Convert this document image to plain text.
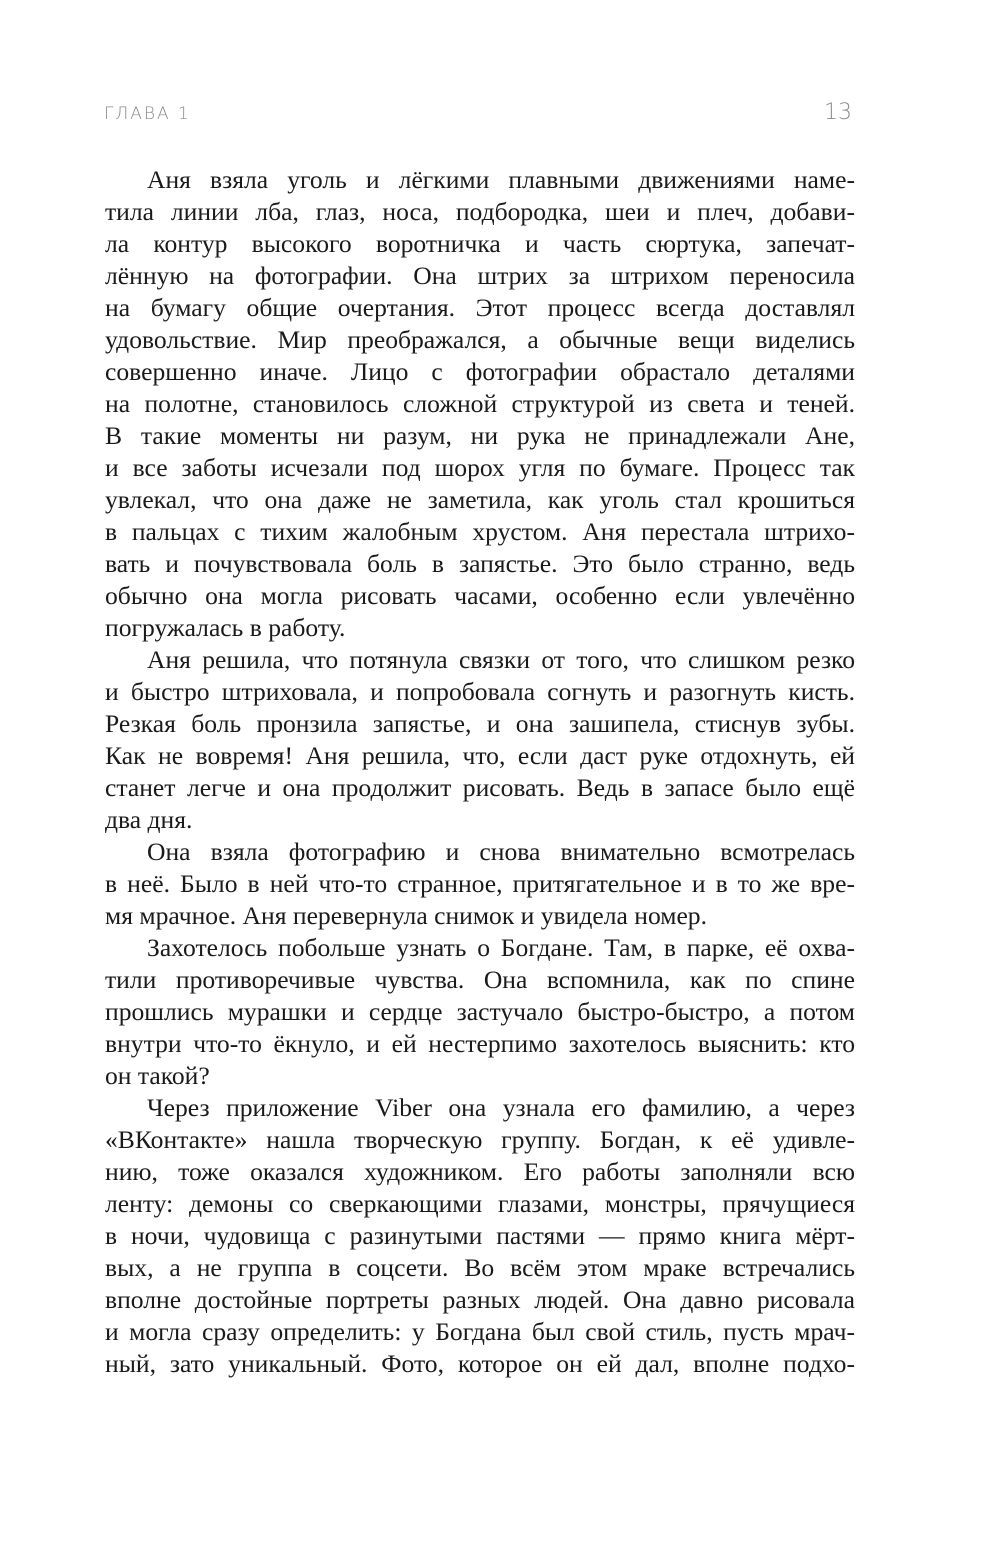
ГЛАВА 1	13
Аня взяла уголь и лёгкими плавными движениями наме-
тила линии лба, глаз, носа, подбородка, шеи и плеч, добави-
ла контур высокого воротничка и часть сюртука, запечат-
лённую на фотографии. Она штрих за штрихом переносила
на бумагу общие очертания. Этот процесс всегда доставлял
удовольствие. Мир преображался, а обычные вещи виделись
совершенно иначе. Лицо с фотографии обрастало деталями
на полотне, становилось сложной структурой из света и теней.
В такие моменты ни разум, ни рука не принадлежали Ане,
и все заботы исчезали под шорох угля по бумаге. Процесс так
увлекал, что она даже не заметила, как уголь стал крошиться
в пальцах с тихим жалобным хрустом. Аня перестала штрихо-
вать и почувствовала боль в запястье. Это было странно, ведь
обычно она могла рисовать часами, особенно если увлечённо
погружалась в работу.
Аня решила, что потянула связки от того, что слишком резко
и быстро штриховала, и попробовала согнуть и разогнуть кисть.
Резкая боль пронзила запястье, и она зашипела, стиснув зубы.
Как не вовремя! Аня решила, что, если даст руке отдохнуть, ей
станет легче и она продолжит рисовать. Ведь в запасе было ещё
два дня.
Она взяла фотографию и снова внимательно всмотрелась
в неё. Было в ней что-то странное, притягательное и в то же вре-
мя мрачное. Аня перевернула снимок и увидела номер.
Захотелось побольше узнать о Богдане. Там, в парке, её охва-
тили противоречивые чувства. Она вспомнила, как по спине
прошлись мурашки и сердце застучало быстро-быстро, а потом
внутри что-то ёкнуло, и ей нестерпимо захотелось выяснить: кто
он такой?
Через приложение Viber она узнала его фамилию, а через
«ВКонтакте» нашла творческую группу. Богдан, к её удивле-
нию, тоже оказался художником. Его работы заполняли всю
ленту: демоны со сверкающими глазами, монстры, прячущиеся
в ночи, чудовища с разинутыми пастями — прямо книга мёрт-
вых, а не группа в соцсети. Во всём этом мраке встречались
вполне достойные портреты разных людей. Она давно рисовала
и могла сразу определить: у Богдана был свой стиль, пусть мрач-
ный, зато уникальный. Фото, которое он ей дал, вполне подхо-
